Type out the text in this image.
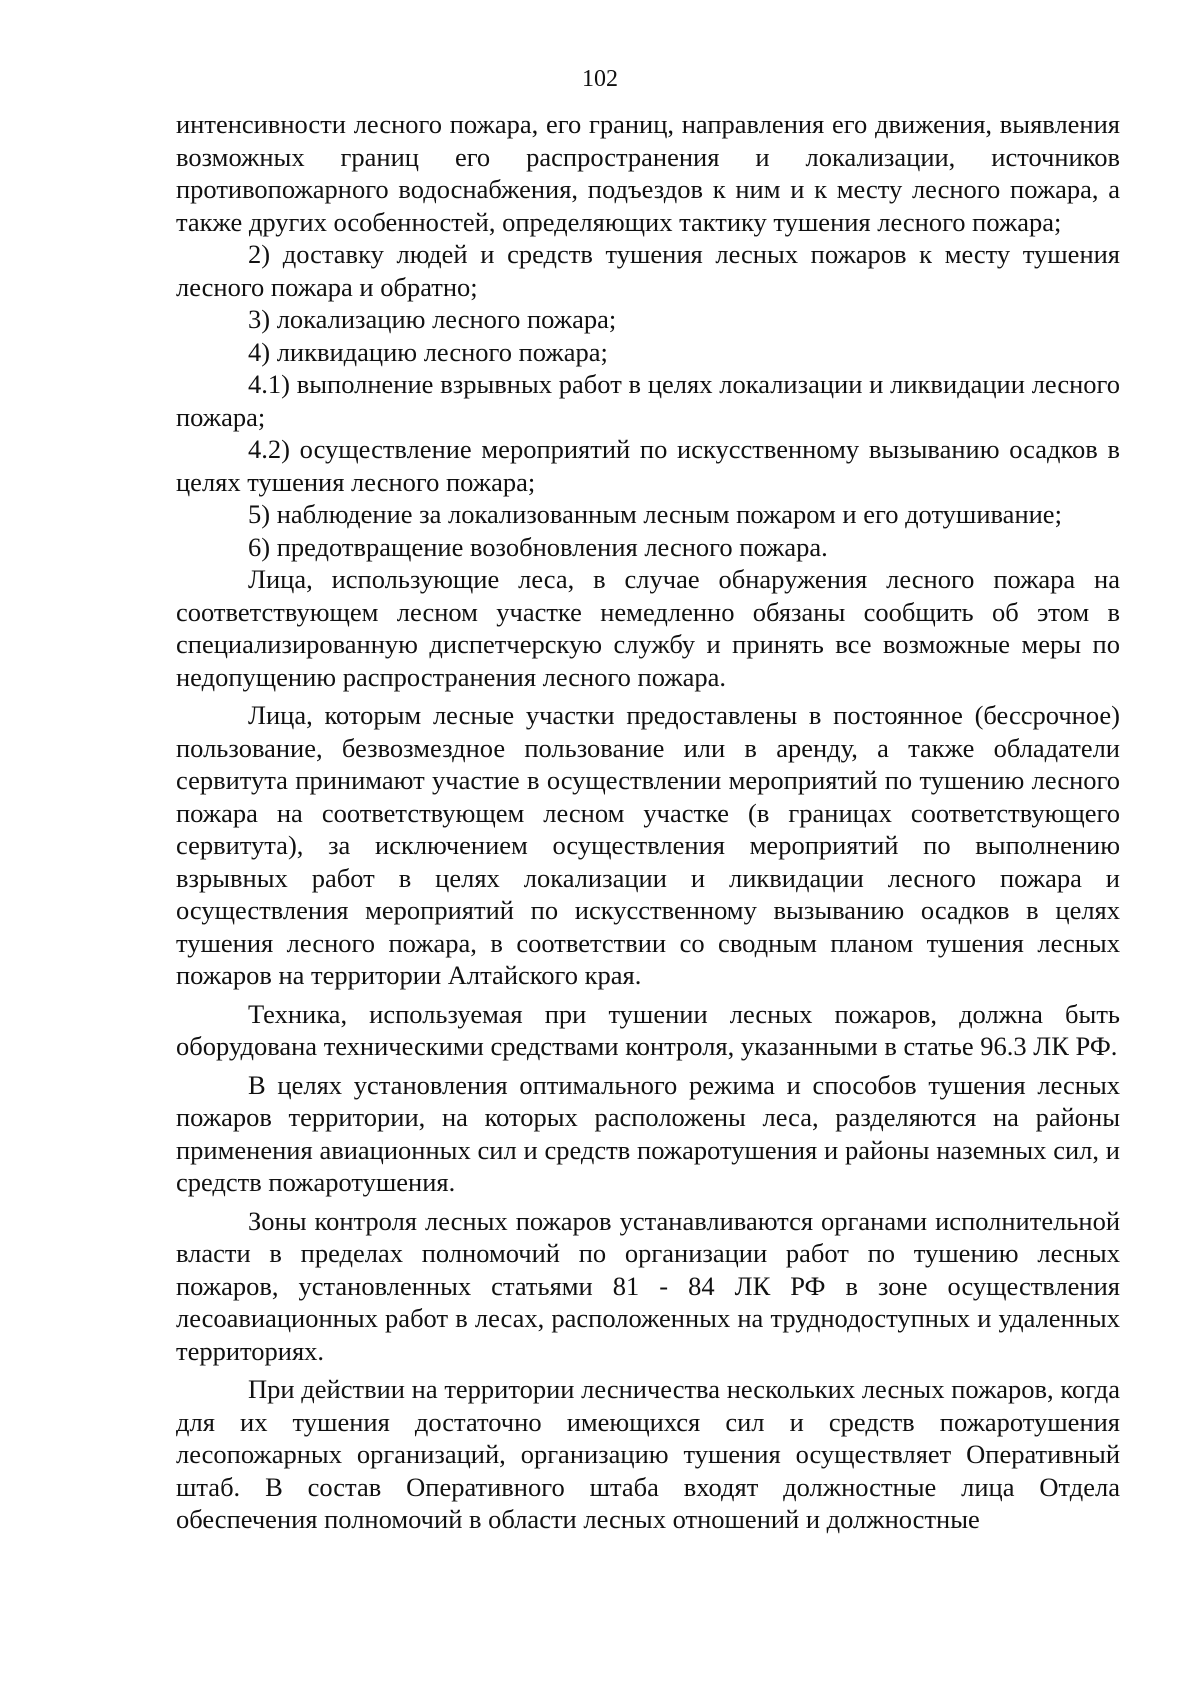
102

интенсивности лесного пожара, его границ, направления его движения, выявления возможных границ его распространения и локализации, источников противопожарного водоснабжения, подъездов к ним и к месту лесного пожара, а также других особенностей, определяющих тактику тушения лесного пожара;

2) доставку людей и средств тушения лесных пожаров к месту тушения лесного пожара и обратно;

3) локализацию лесного пожара;

4) ликвидацию лесного пожара;

4.1) выполнение взрывных работ в целях локализации и ликвидации лесного пожара;

4.2) осуществление мероприятий по искусственному вызыванию осадков в целях тушения лесного пожара;

5) наблюдение за локализованным лесным пожаром и его дотушивание;

6) предотвращение возобновления лесного пожара.

Лица, использующие леса, в случае обнаружения лесного пожара на соответствующем лесном участке немедленно обязаны сообщить об этом в специализированную диспетчерскую службу и принять все возможные меры по недопущению распространения лесного пожара.

Лица, которым лесные участки предоставлены в постоянное (бессрочное) пользование, безвозмездное пользование или в аренду, а также обладатели сервитута принимают участие в осуществлении мероприятий по тушению лесного пожара на соответствующем лесном участке (в границах соответствующего сервитута), за исключением осуществления мероприятий по выполнению взрывных работ в целях локализации и ликвидации лесного пожара и осуществления мероприятий по искусственному вызыванию осадков в целях тушения лесного пожара, в соответствии со сводным планом тушения лесных пожаров на территории Алтайского края.

Техника, используемая при тушении лесных пожаров, должна быть оборудована техническими средствами контроля, указанными в статье 96.3 ЛК РФ.

В целях установления оптимального режима и способов тушения лесных пожаров территории, на которых расположены леса, разделяются на районы применения авиационных сил и средств пожаротушения и районы наземных сил, и средств пожаротушения.

Зоны контроля лесных пожаров устанавливаются органами исполнительной власти в пределах полномочий по организации работ по тушению лесных пожаров, установленных статьями 81 - 84 ЛК РФ в зоне осуществления лесоавиационных работ в лесах, расположенных на труднодоступных и удаленных территориях.

При действии на территории лесничества нескольких лесных пожаров, когда для их тушения достаточно имеющихся сил и средств пожаротушения лесопожарных организаций, организацию тушения осуществляет Оперативный штаб. В состав Оперативного штаба входят должностные лица Отдела обеспечения полномочий в области лесных отношений и должностные
